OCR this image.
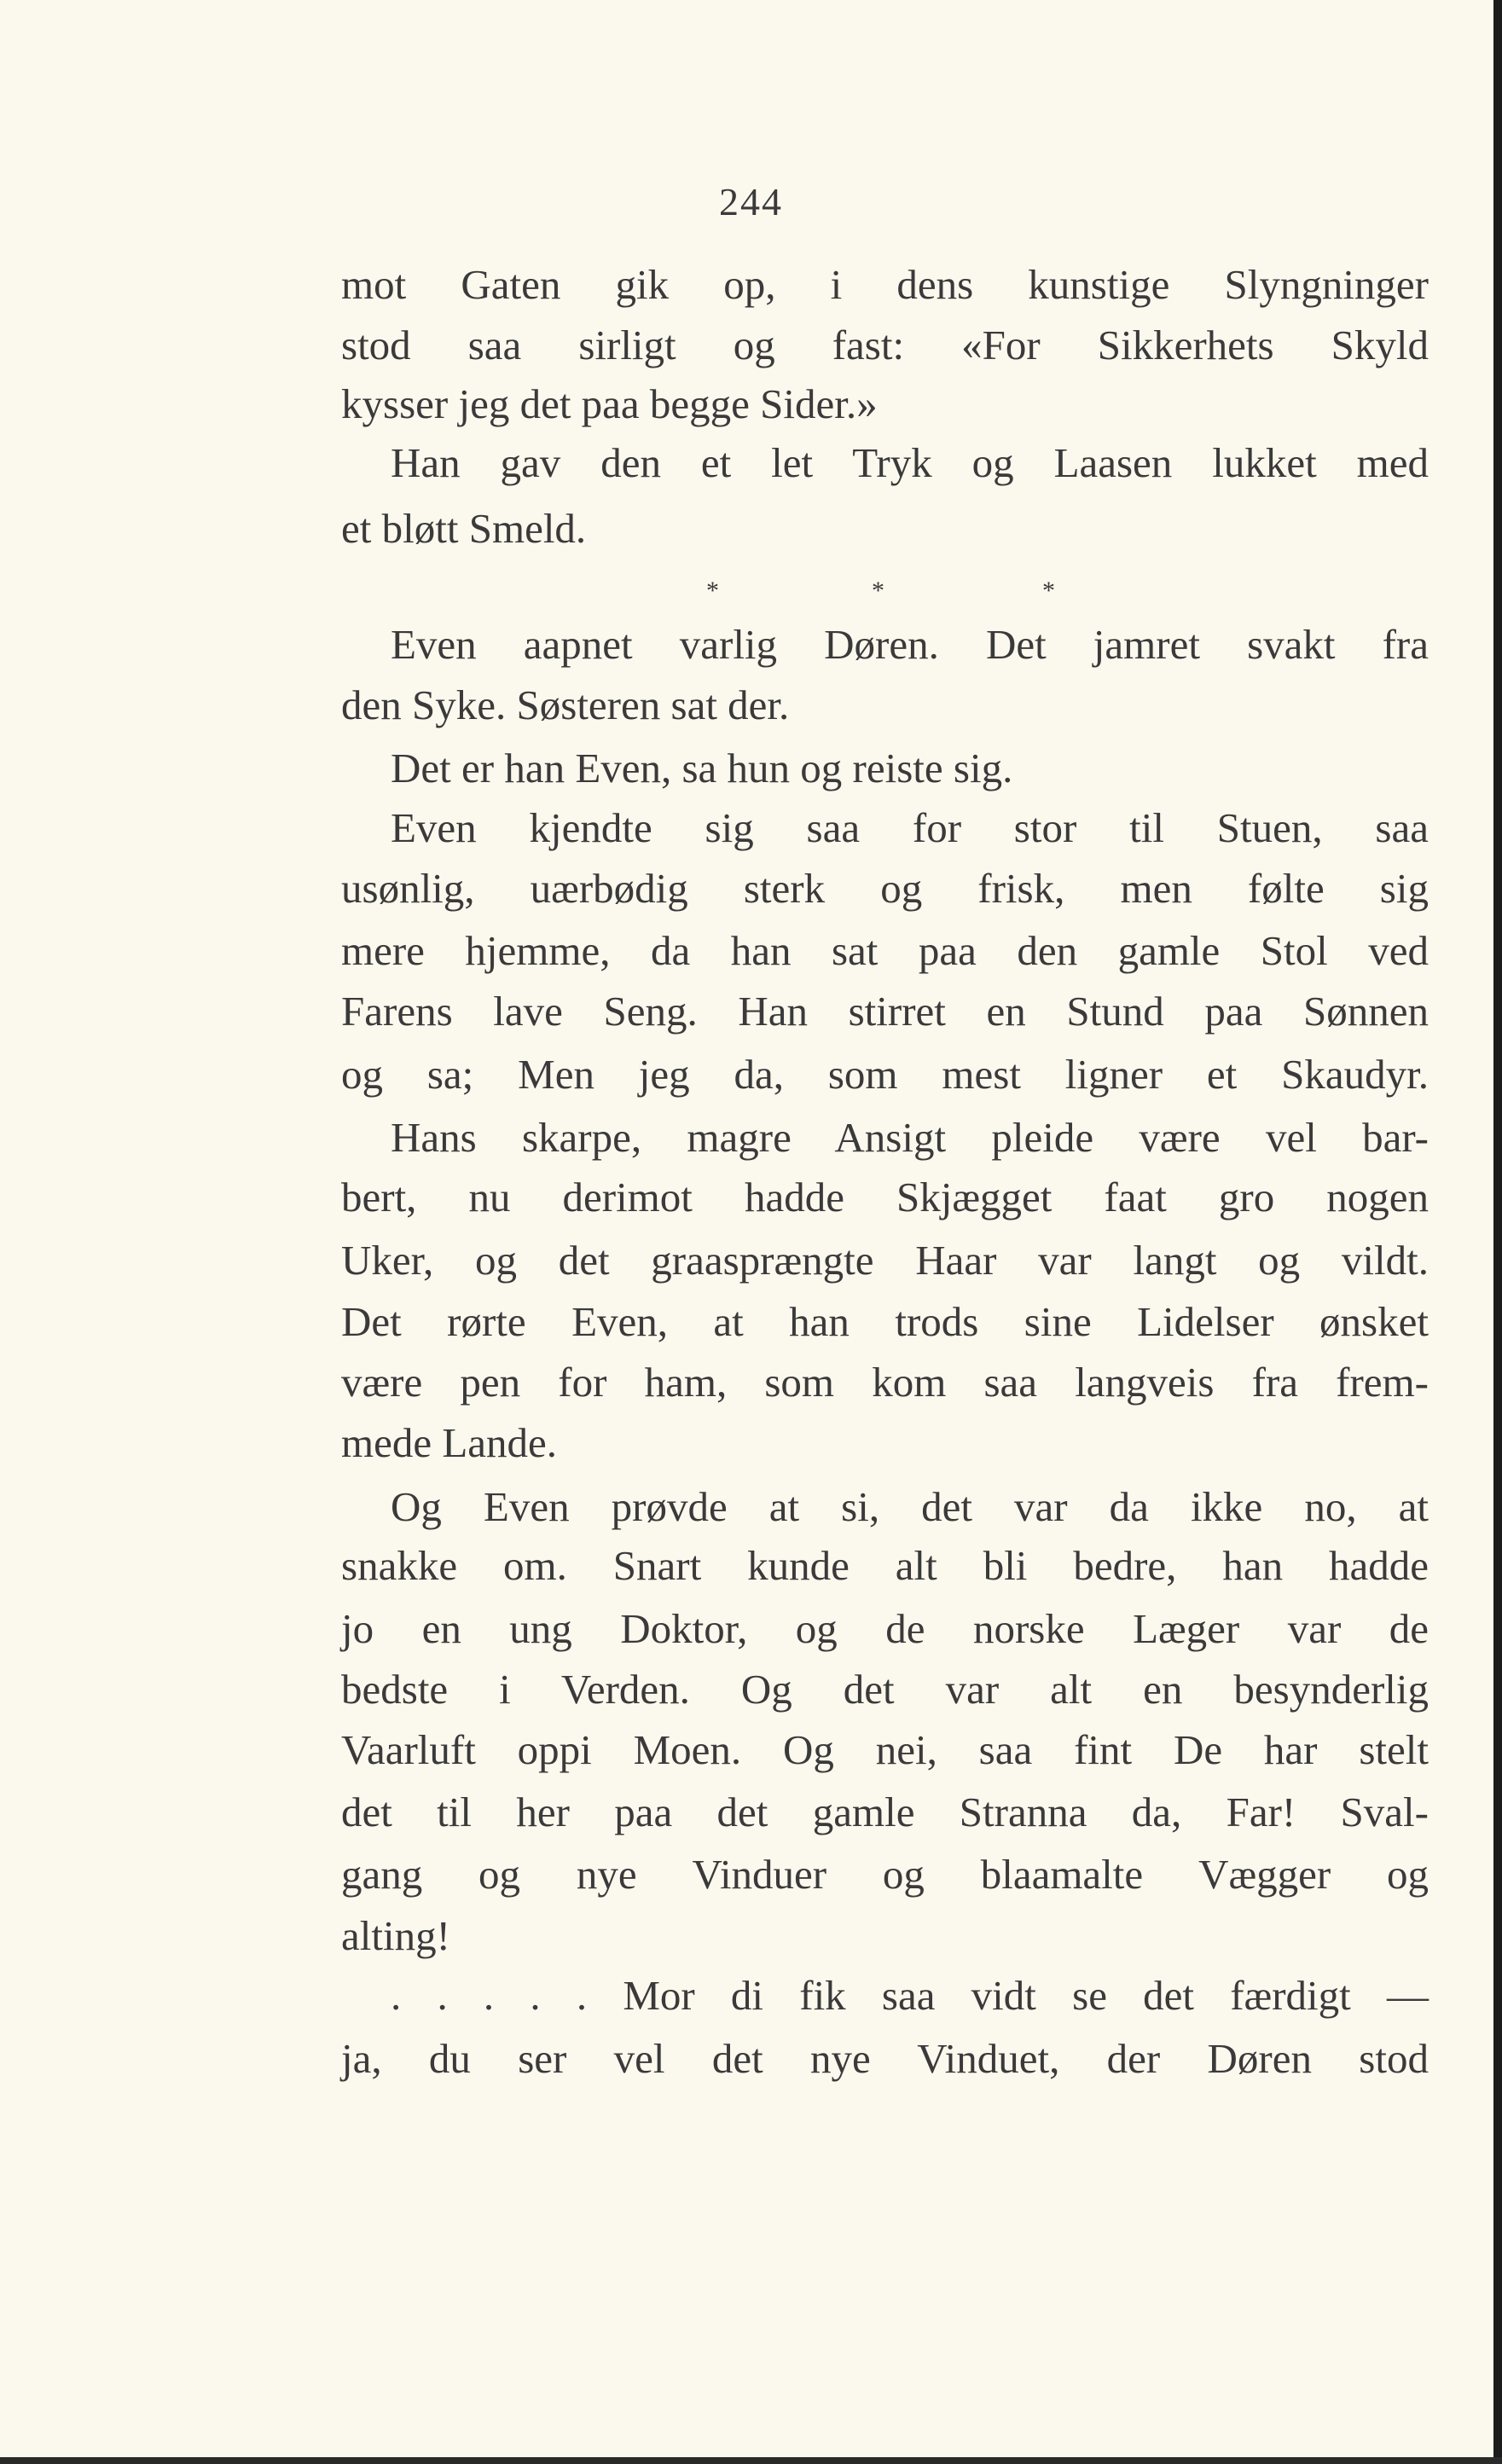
244
*	*	*
mot Gaten gik op, i dens kunstige Slyngninger
stod saa sirligt og fast: «For Sikkerhets Skyld
kysser jeg det paa begge Sider.»
Han gav den et let Tryk og Laasen lukket med
et bløtt Smeld.
Even aapnet varlig Døren. Det jamret svakt fra
den Syke. Søsteren sat der.
Det er han Even, sa hun og reiste sig.
Even kjendte sig saa for stor til Stuen, saa
usønlig, uærbødig sterk og frisk, men følte sig
mere hjemme, da han sat paa den gamle Stol ved
Farens lave Seng. Han stirret en Stund paa Sønnen
og sa; Men jeg da, som mest ligner et Skaudyr.
Hans skarpe, magre Ansigt pleide være vel bar-
bert, nu derimot hadde Skjægget faat gro nogen
Uker, og det graasprængte Haar var langt og vildt.
Det rørte Even, at han trods sine Lidelser ønsket
være pen for ham, som kom saa langveis fra frem-
mede Lande.
Og Even prøvde at si, det var da ikke no, at
snakke om. Snart kunde alt bli bedre, han hadde
jo en ung Doktor, og de norske Læger var de
bedste i Verden. Og det var alt en besynderlig
Vaarluft oppi Moen. Og nei, saa fint De har stelt
det til her paa det gamle Stranna da, Far! Sval-
gang og nye Vinduer og blaamalte Vægger og
alting!
. . . . . Mor di fik saa vidt se det færdigt —
ja, du ser vel det nye Vinduet, der Døren stod
